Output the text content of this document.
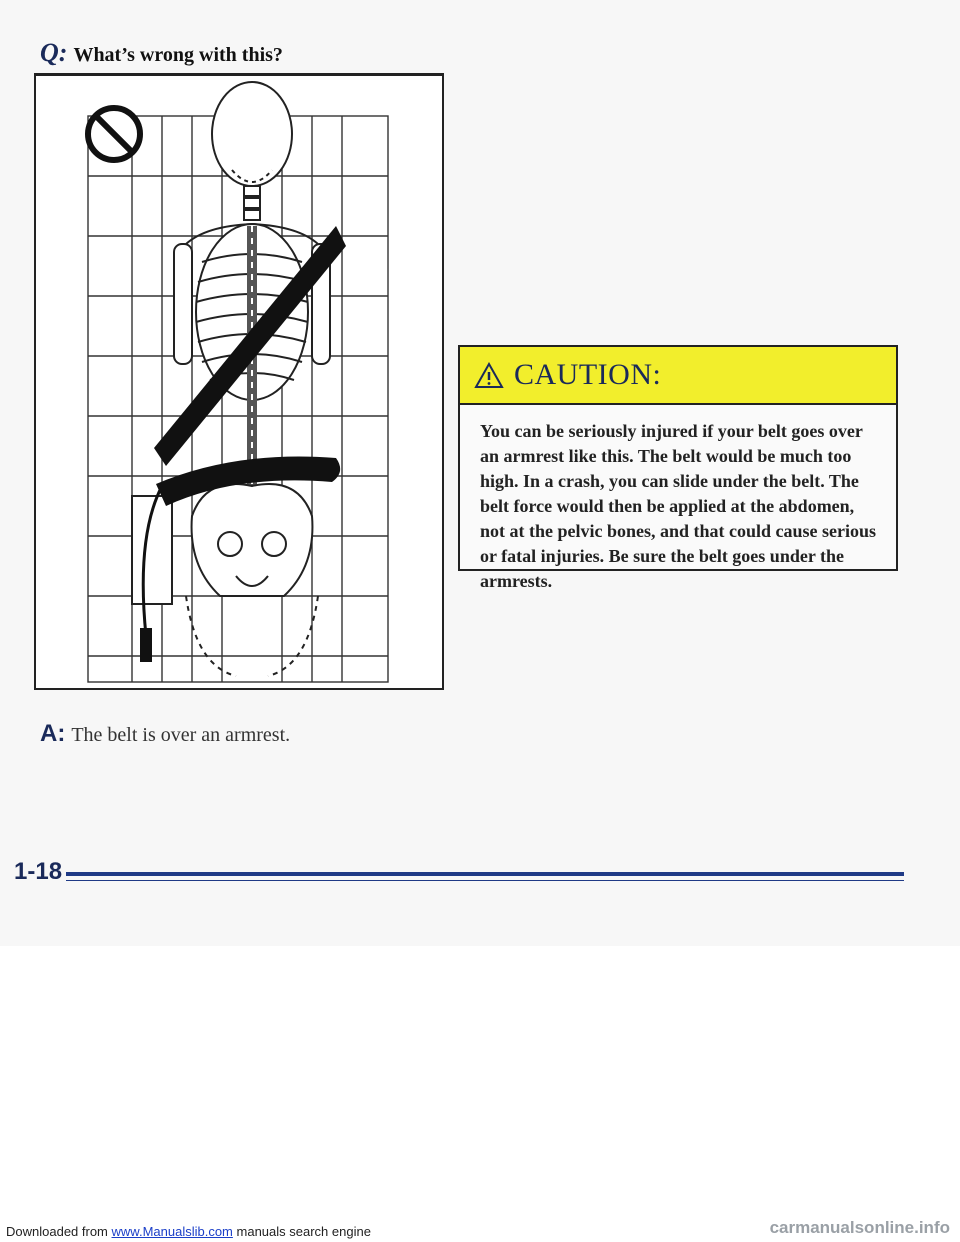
Q: What’s wrong with this?
A: The belt is over an armrest.
CAUTION:
You can be seriously injured if your belt goes over an armrest like this. The belt would be much too high. In a crash, you can slide under the belt. The belt force would then be applied at the abdomen, not at the pelvic bones, and that could cause serious or fatal injuries. Be sure the belt goes under the armrests.
1-18
Downloaded from www.Manualslib.com manuals search engine	carmanualsonline.info
